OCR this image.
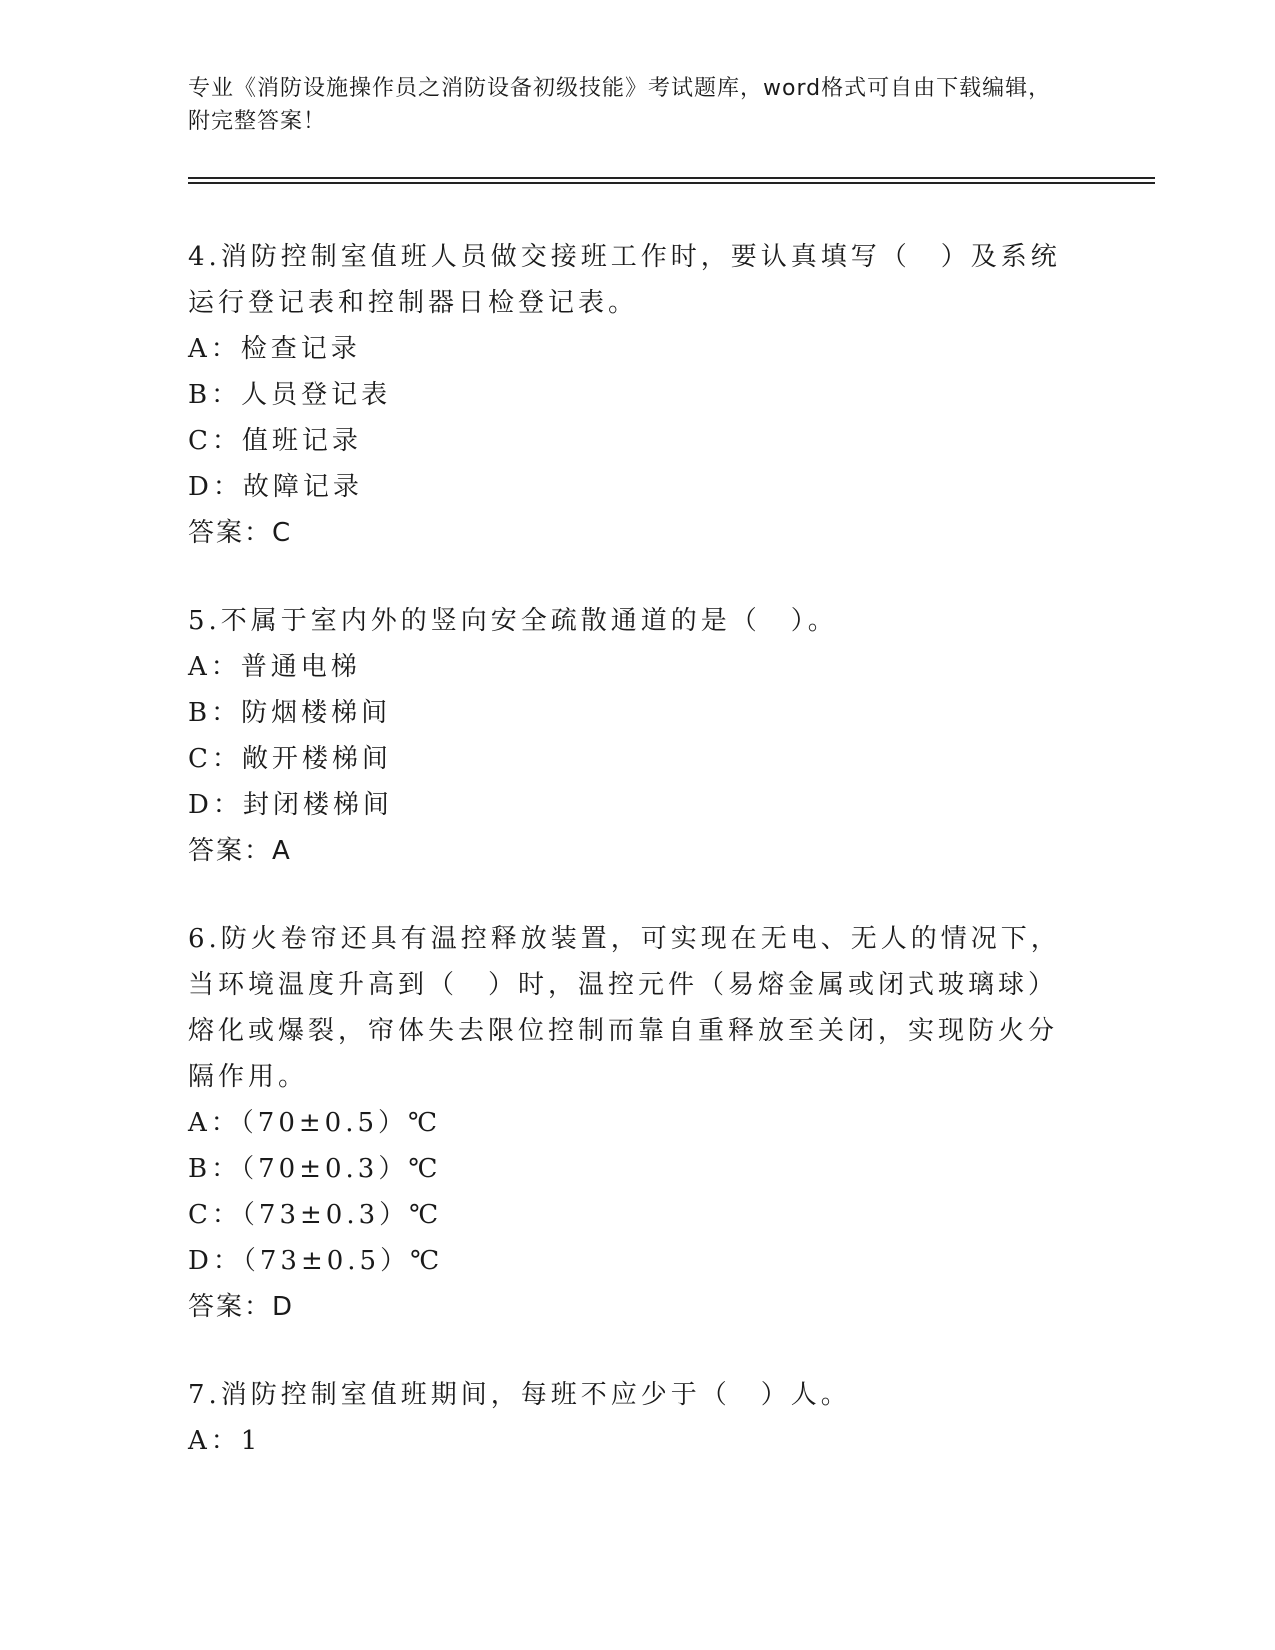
专业《消防设施操作员之消防设备初级技能》考试题库，word格式可自由下载编辑，附完整答案！

4.消防控制室值班人员做交接班工作时，要认真填写（　）及系统运行登记表和控制器日检登记表。

A：检查记录

B：人员登记表

C：值班记录

D：故障记录

答案：C

5.不属于室内外的竖向安全疏散通道的是（　）。

A：普通电梯

B：防烟楼梯间

C：敞开楼梯间

D：封闭楼梯间

答案：A

6.防火卷帘还具有温控释放装置，可实现在无电、无人的情况下，当环境温度升高到（　）时，温控元件（易熔金属或闭式玻璃球）熔化或爆裂，帘体失去限位控制而靠自重释放至关闭，实现防火分隔作用。

A：（70±0.5）℃

B：（70±0.3）℃

C：（73±0.3）℃

D：（73±0.5）℃

答案：D

7.消防控制室值班期间，每班不应少于（　）人。

A：1
